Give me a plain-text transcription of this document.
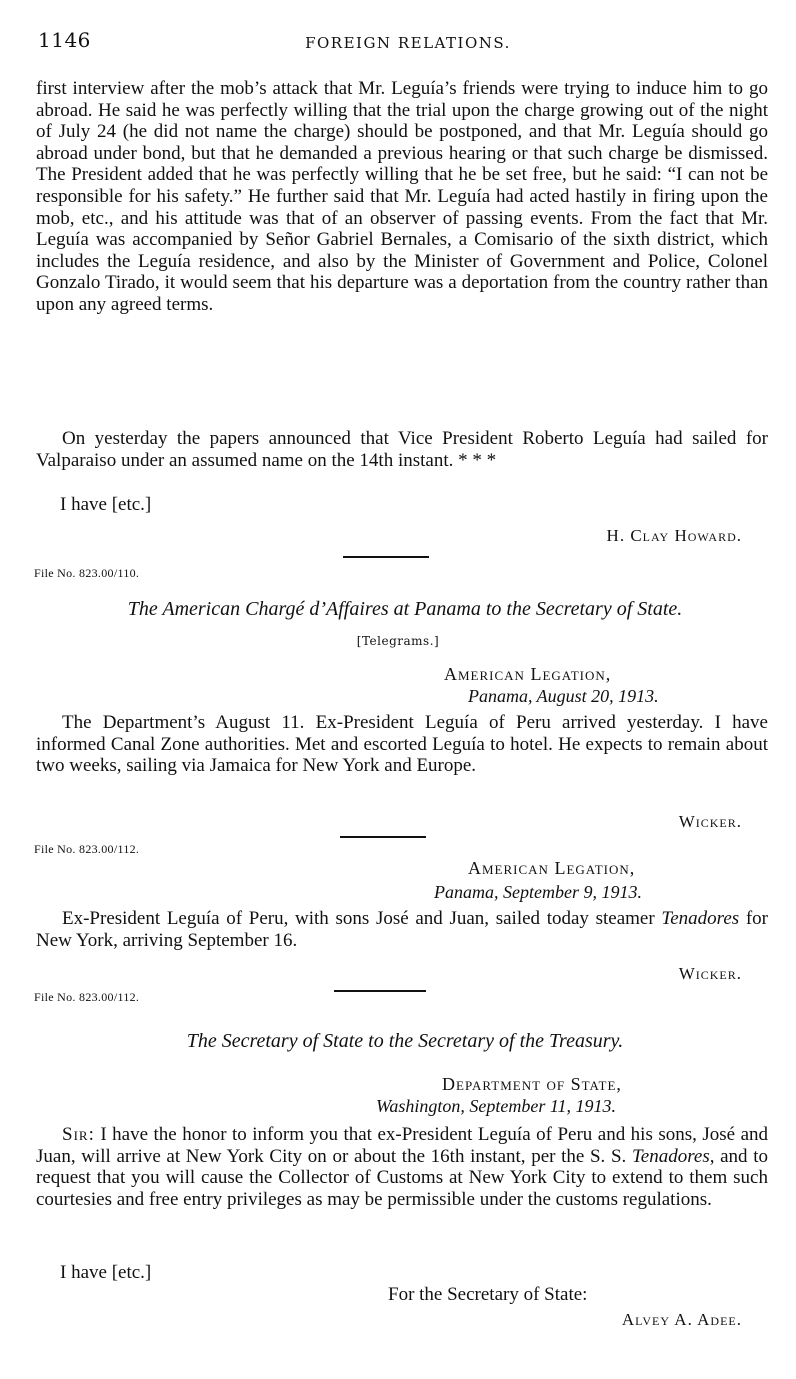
1146	FOREIGN RELATIONS.
first interview after the mob’s attack that Mr. Leguía’s friends were trying to induce him to go abroad. He said he was perfectly willing that the trial upon the charge growing out of the night of July 24 (he did not name the charge) should be postponed, and that Mr. Leguía should go abroad under bond, but that he demanded a previous hearing or that such charge be dismissed. The President added that he was perfectly willing that he be set free, but he said: “I can not be responsible for his safety.” He further said that Mr. Leguía had acted hastily in firing upon the mob, etc., and his attitude was that of an observer of passing events. From the fact that Mr. Leguía was accompanied by Señor Gabriel Bernales, a Comisario of the sixth district, which includes the Leguía residence, and also by the Minister of Government and Police, Colonel Gonzalo Tirado, it would seem that his departure was a deportation from the country rather than upon any agreed terms.
On yesterday the papers announced that Vice President Roberto Leguía had sailed for Valparaiso under an assumed name on the 14th instant. * * *
I have [etc.]
H. Clay Howard.
File No. 823.00/110.
The American Chargé d’Affaires at Panama to the Secretary of State.
[Telegrams.]
American Legation,
Panama, August 20, 1913.
The Department’s August 11. Ex-President Leguía of Peru arrived yesterday. I have informed Canal Zone authorities. Met and escorted Leguía to hotel. He expects to remain about two weeks, sailing via Jamaica for New York and Europe.
Wicker.
File No. 823.00/112.
American Legation,
Panama, September 9, 1913.
Ex-President Leguía of Peru, with sons José and Juan, sailed today steamer Tenadores for New York, arriving September 16.
Wicker.
File No. 823.00/112.
The Secretary of State to the Secretary of the Treasury.
Department of State,
Washington, September 11, 1913.
Sir: I have the honor to inform you that ex-President Leguía of Peru and his sons, José and Juan, will arrive at New York City on or about the 16th instant, per the S. S. Tenadores, and to request that you will cause the Collector of Customs at New York City to extend to them such courtesies and free entry privileges as may be permissible under the customs regulations.
I have [etc.]
For the Secretary of State:
Alvey A. Adee.
